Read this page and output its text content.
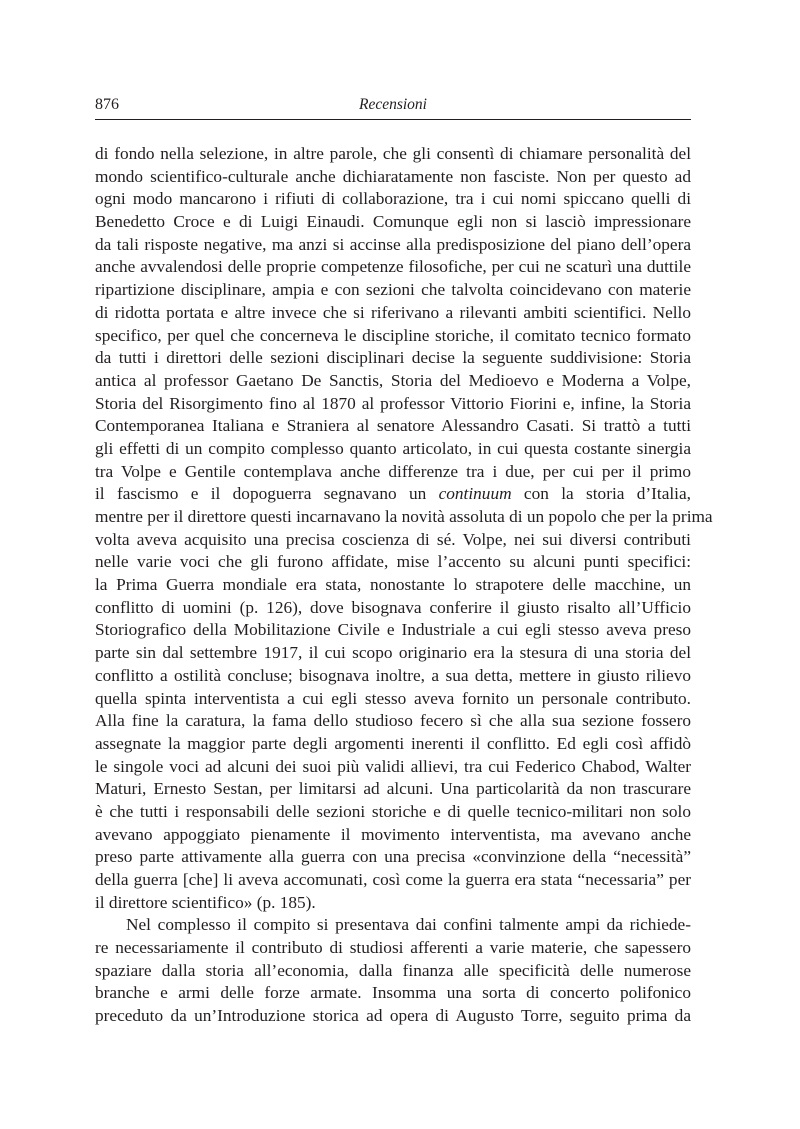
876	Recensioni
di fondo nella selezione, in altre parole, che gli consentì di chiamare personalità del
mondo scientifico-culturale anche dichiaratamente non fasciste. Non per questo ad
ogni modo mancarono i rifiuti di collaborazione, tra i cui nomi spiccano quelli di
Benedetto Croce e di Luigi Einaudi. Comunque egli non si lasciò impressionare
da tali risposte negative, ma anzi si accinse alla predisposizione del piano dell’opera
anche avvalendosi delle proprie competenze filosofiche, per cui ne scaturì una duttile
ripartizione disciplinare, ampia e con sezioni che talvolta coincidevano con materie
di ridotta portata e altre invece che si riferivano a rilevanti ambiti scientifici. Nello
specifico, per quel che concerneva le discipline storiche, il comitato tecnico formato
da tutti i direttori delle sezioni disciplinari decise la seguente suddivisione: Storia
antica al professor Gaetano De Sanctis, Storia del Medioevo e Moderna a Volpe,
Storia del Risorgimento fino al 1870 al professor Vittorio Fiorini e, infine, la Storia
Contemporanea Italiana e Straniera al senatore Alessandro Casati. Si trattò a tutti
gli effetti di un compito complesso quanto articolato, in cui questa costante sinergia
tra Volpe e Gentile contemplava anche differenze tra i due, per cui per il primo
il fascismo e il dopoguerra segnavano un continuum con la storia d’Italia,
mentre per il direttore questi incarnavano la novità assoluta di un popolo che per la prima
volta aveva acquisito una precisa coscienza di sé. Volpe, nei sui diversi contributi
nelle varie voci che gli furono affidate, mise l’accento su alcuni punti specifici:
la Prima Guerra mondiale era stata, nonostante lo strapotere delle macchine, un
conflitto di uomini (p. 126), dove bisognava conferire il giusto risalto all’Ufficio
Storiografico della Mobilitazione Civile e Industriale a cui egli stesso aveva preso
parte sin dal settembre 1917, il cui scopo originario era la stesura di una storia del
conflitto a ostilità concluse; bisognava inoltre, a sua detta, mettere in giusto rilievo
quella spinta interventista a cui egli stesso aveva fornito un personale contributo.
Alla fine la caratura, la fama dello studioso fecero sì che alla sua sezione fossero
assegnate la maggior parte degli argomenti inerenti il conflitto. Ed egli così affidò
le singole voci ad alcuni dei suoi più validi allievi, tra cui Federico Chabod, Walter
Maturi, Ernesto Sestan, per limitarsi ad alcuni. Una particolarità da non trascurare
è che tutti i responsabili delle sezioni storiche e di quelle tecnico-militari non solo
avevano appoggiato pienamente il movimento interventista, ma avevano anche
preso parte attivamente alla guerra con una precisa «convinzione della “necessità”
della guerra [che] li aveva accomunati, così come la guerra era stata “necessaria” per
il direttore scientifico» (p. 185).
Nel complesso il compito si presentava dai confini talmente ampi da richiede-
re necessariamente il contributo di studiosi afferenti a varie materie, che sapessero
spaziare dalla storia all’economia, dalla finanza alle specificità delle numerose
branche e armi delle forze armate. Insomma una sorta di concerto polifonico
preceduto da un’Introduzione storica ad opera di Augusto Torre, seguito prima da
